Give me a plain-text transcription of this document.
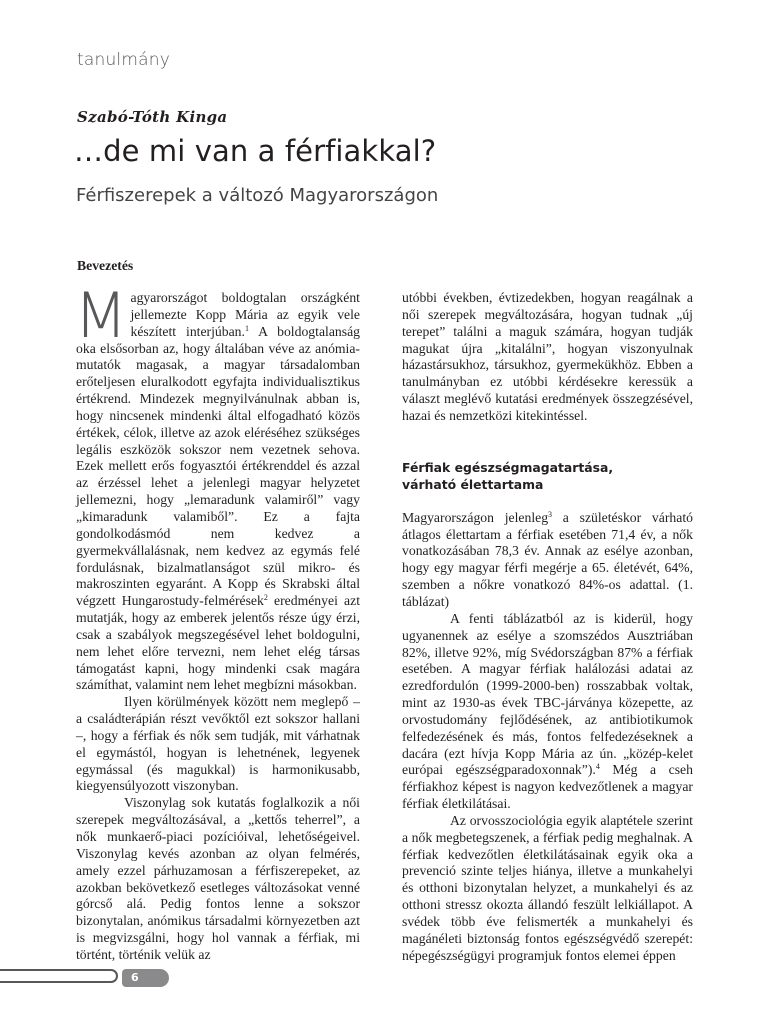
tanulmány
Szabó-Tóth Kinga
…de mi van a férfiakkal?
Férfiszerepek a változó Magyarországon
Bevezetés

Magyarországot boldogtalan országként jellemezte Kopp Mária az egyik vele készített interjúban.$^1$ A boldogtalanság oka elsősorban az, hogy általában véve az anómia-mutatók magasak, a magyar társadalomban erőteljesen eluralkodott egyfajta individualisztikus értékrend. Mindezek megnyilvánulnak abban is, hogy nincsenek mindenki által elfogadható közös értékek, célok, illetve az azok eléréséhez szükséges legális eszközök sokszor nem vezetnek sehova. Ezek mellett erős fogyasztói értékrenddel és azzal az érzéssel lehet a jelenlegi magyar helyzetet jellemezni, hogy „lemaradunk valamiről” vagy „kimaradunk valamiből”. Ez a fajta gondolkodásmód nem kedvez a gyermekvállalásnak, nem kedvez az egymás felé fordulásnak, bizalmatlanságot szül mikro- és makroszinten egyaránt. A Kopp és Skrabski által végzett Hungarostudy-felmérések$^2$ eredményei azt mutatják, hogy az emberek jelentős része úgy érzi, csak a szabályok megszegésével lehet boldogulni, nem lehet előre tervezni, nem lehet elég társas támogatást kapni, hogy mindenki csak magára számíthat, valamint nem lehet megbízni másokban.

Ilyen körülmények között nem meglepő – a családterápián részt vevőktől ezt sokszor hallani –, hogy a férfiak és nők sem tudják, mit várhatnak el egymástól, hogyan is lehetnének, legyenek egymással (és magukkal) is harmonikusabb, kiegyensúlyozott viszonyban.

Viszonylag sok kutatás foglalkozik a női szerepek megváltozásával, a „kettős teherrel”, a nők munkaerő-piaci pozícióival, lehetőségeivel. Viszonylag kevés azonban az olyan felmérés, amely ezzel párhuzamosan a férfiszerepeket, az azokban bekövetkező esetleges változásokat venné górcső alá. Pedig fontos lenne a sokszor bizonytalan, anómikus társadalmi környezetben azt is megvizsgálni, hogy hol vannak a férfiak, mi történt, történik velük az

utóbbi években, évtizedekben, hogyan reagálnak a női szerepek megváltozására, hogyan tudnak „új terepet” találni a maguk számára, hogyan tudják magukat újra „kitalálni”, hogyan viszonyulnak házastársukhoz, társukhoz, gyermekükhöz. Ebben a tanulmányban ez utóbbi kérdésekre keressük a választ meglévő kutatási eredmények összegzésével, hazai és nemzetközi kitekintéssel.

Férfiak egészségmagatartása,
várható élettartama

Magyarországon jelenleg$^3$ a születéskor várható átlagos élettartam a férfiak esetében 71,4 év, a nők vonatkozásában 78,3 év. Annak az esélye azonban, hogy egy magyar férfi megérje a 65. életévét, 64%, szemben a nőkre vonatkozó 84%-os adattal. (1. táblázat)

A fenti táblázatból az is kiderül, hogy ugyanennek az esélye a szomszédos Ausztriában 82%, illetve 92%, míg Svédországban 87% a férfiak esetében. A magyar férfiak halálozási adatai az ezredfordulón (1999-2000-ben) rosszabbak voltak, mint az 1930-as évek TBC-járványa közepette, az orvostudomány fejlődésének, az antibiotikumok felfedezésének és más, fontos felfedezéseknek a dacára (ezt hívja Kopp Mária az ún. „közép-kelet európai egészségparadoxonnak”).$^4$ Még a cseh férfiakhoz képest is nagyon kedvezőtlenek a magyar férfiak életkilátásai.

Az orvosszociológia egyik alaptétele szerint a nők megbetegszenek, a férfiak pedig meghalnak. A férfiak kedvezőtlen életkilátásainak egyik oka a prevenció szinte teljes hiánya, illetve a munkahelyi és otthoni bizonytalan helyzet, a munkahelyi és az otthoni stressz okozta állandó feszült lelkiállapot. A svédek több éve felismerték a munkahelyi és magánéleti biztonság fontos egészségvédő szerepét: népegészségügyi programjuk fontos elemei éppen

6
